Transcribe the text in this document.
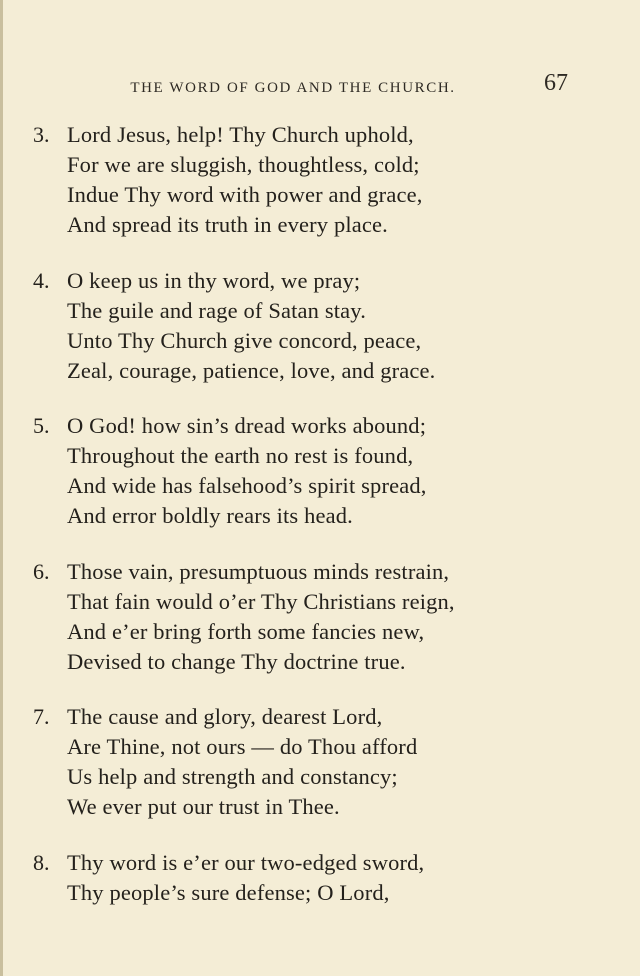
THE WORD OF GOD AND THE CHURCH.	67
3. Lord Jesus, help! Thy Church uphold,
For we are sluggish, thoughtless, cold;
Indue Thy word with power and grace,
And spread its truth in every place.
4. O keep us in thy word, we pray;
The guile and rage of Satan stay.
Unto Thy Church give concord, peace,
Zeal, courage, patience, love, and grace.
5. O God! how sin’s dread works abound;
Throughout the earth no rest is found,
And wide has falsehood’s spirit spread,
And error boldly rears its head.
6. Those vain, presumptuous minds restrain,
That fain would o’er Thy Christians reign,
And e’er bring forth some fancies new,
Devised to change Thy doctrine true.
7. The cause and glory, dearest Lord,
Are Thine, not ours — do Thou afford
Us help and strength and constancy;
We ever put our trust in Thee.
8. Thy word is e’er our two-edged sword,
Thy people’s sure defense; O Lord,
